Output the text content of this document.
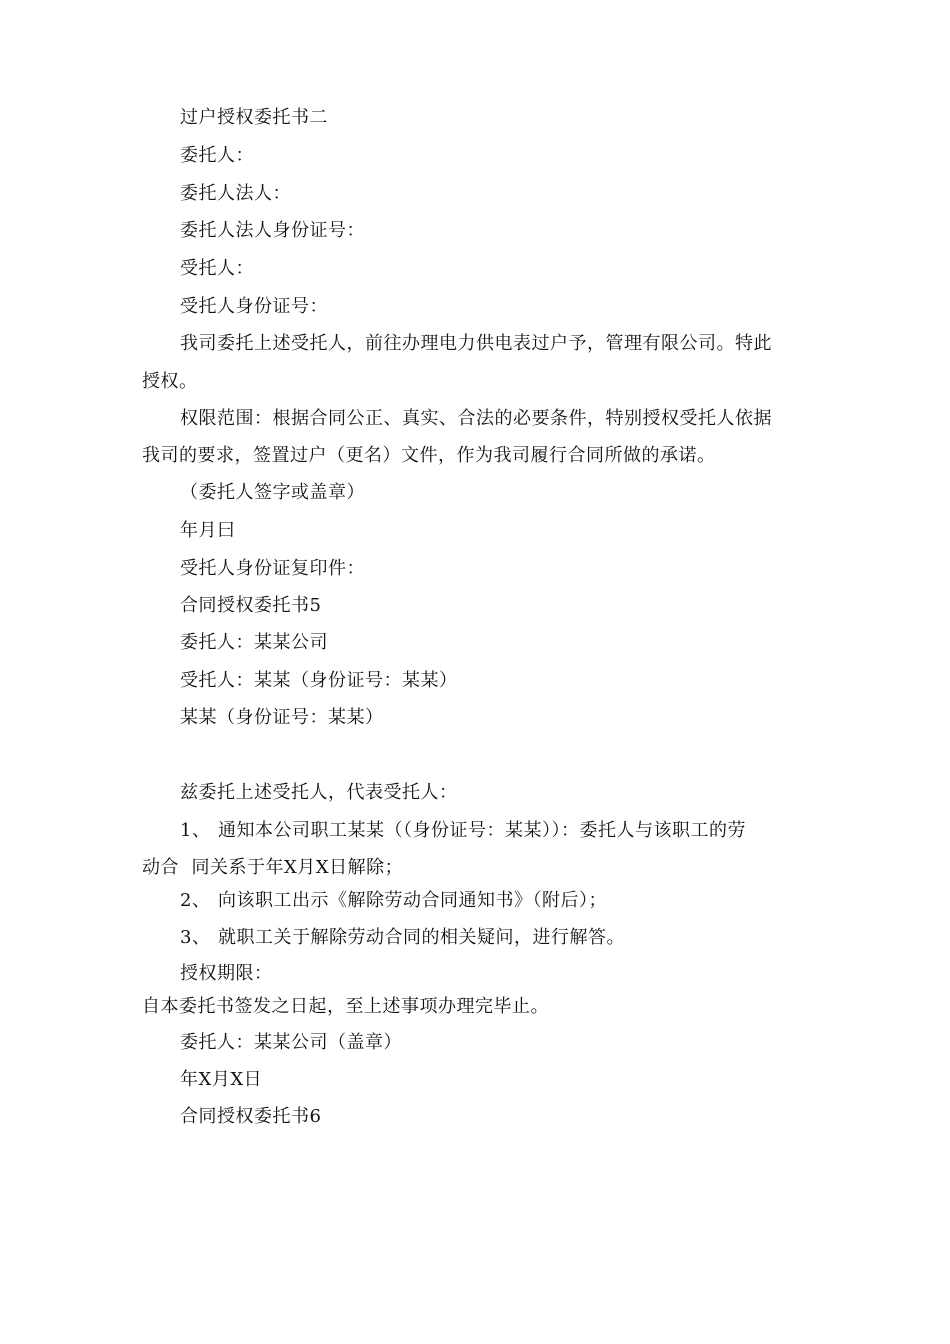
过户授权委托书二
委托人：
委托人法人：
委托人法人身份证号：
受托人：
受托人身份证号：
我司委托上述受托人，前往办理电力供电表过户予，管理有限公司。特此
授权。
权限范围：根据合同公正、真实、合法的必要条件，特别授权受托人依据
我司的要求，签置过户（更名）文件，作为我司履行合同所做的承诺。
（委托人签字或盖章）
年月曰
受托人身份证复印件：
合同授权委托书5
委托人：某某公司
受托人：某某（身份证号：某某）
某某（身份证号：某某）
兹委托上述受托人，代表受托人：
1、 通知本公司职工某某（（身份证号：某某））：委托人与该职工的劳
动合  同关系于年X月X日解除；
2、 向该职工出示《解除劳动合同通知书》（附后）；
3、 就职工关于解除劳动合同的相关疑问，进行解答。
授权期限：
自本委托书签发之日起，至上述事项办理完毕止。
委托人：某某公司（盖章）
年X月X日
合同授权委托书6
